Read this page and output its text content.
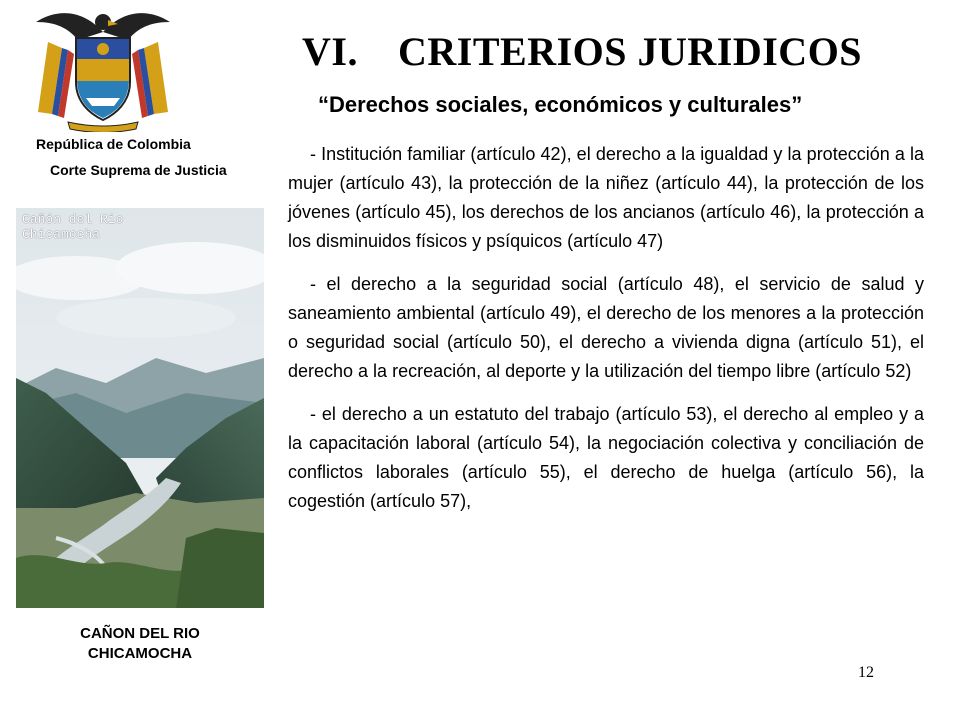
República de Colombia
Corte Suprema de Justicia
VI. CRITERIOS JURIDICOS
“Derechos sociales, económicos y culturales”

- Institución familiar (artículo 42), el derecho a la igualdad y la protección a la mujer (artículo 43), la protección de la niñez (artículo 44), la protección de los jóvenes (artículo 45), los derechos de los ancianos (artículo 46), la protección a los disminuidos físicos y psíquicos (artículo 47)

- el derecho a la seguridad social (artículo 48), el servicio de salud y saneamiento ambiental (artículo 49), el derecho de los menores a la protección o seguridad social (artículo 50), el derecho a vivienda digna (artículo 51), el derecho a la recreación, al deporte y la utilización del tiempo libre (artículo 52)

- el derecho a un estatuto del trabajo (artículo 53), el derecho al empleo y a la capacitación laboral (artículo 54), la negociación colectiva y conciliación de conflictos laborales (artículo 55), el derecho de huelga (artículo 56), la cogestión (artículo 57),

Cañón del Rio
Chicamocha
CAÑON DEL RIO
CHICAMOCHA
12
